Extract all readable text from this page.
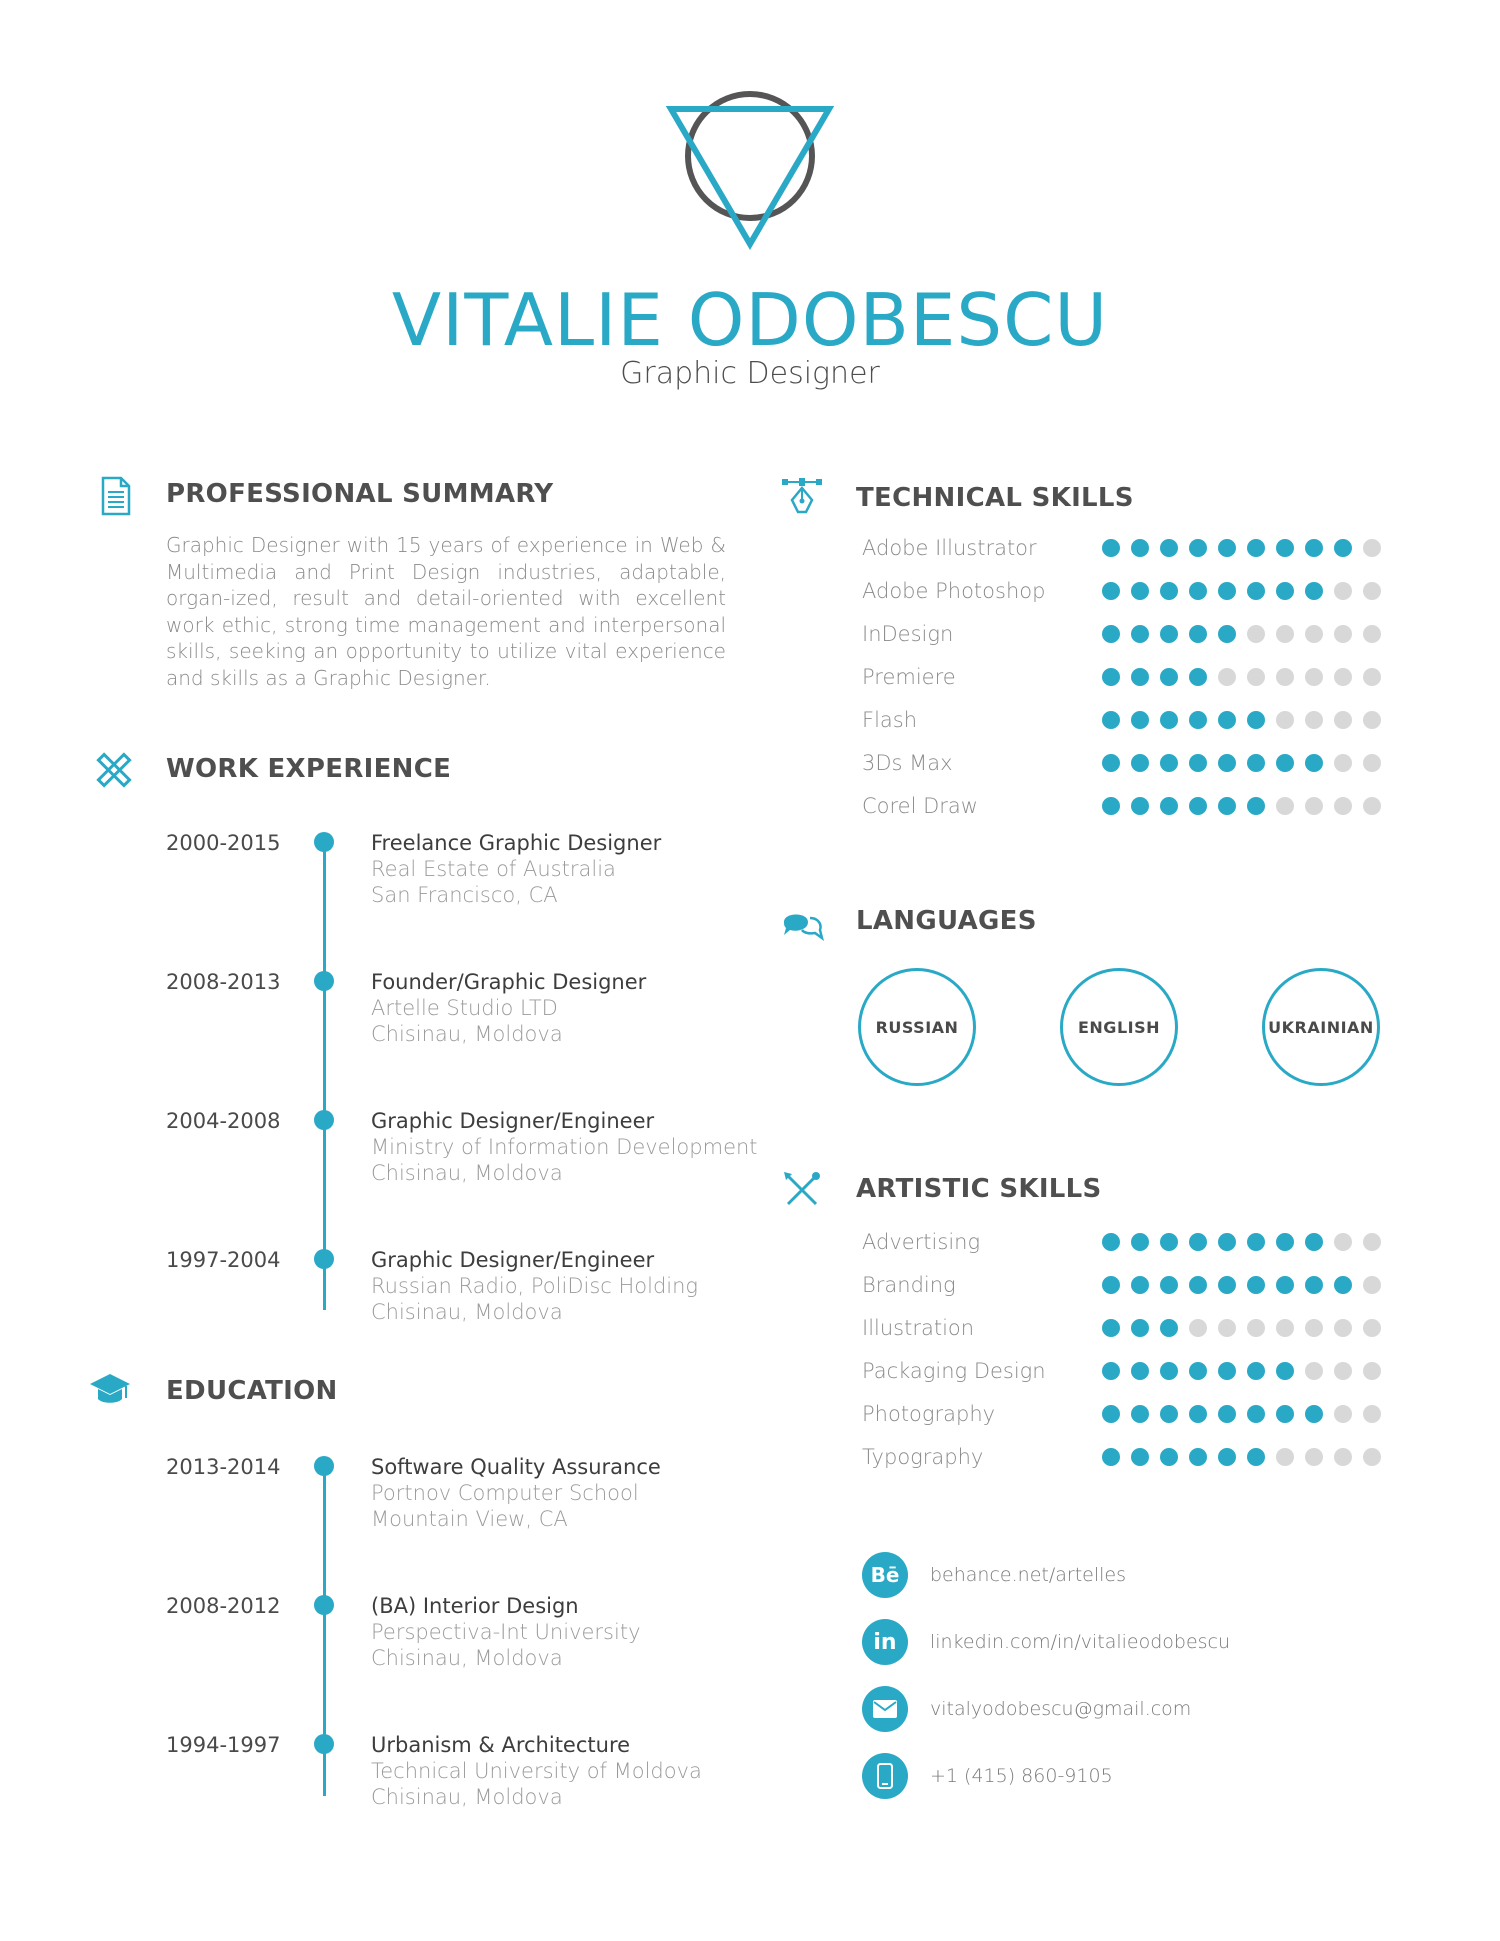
VITALIE ODOBESCU
Graphic Designer
PROFESSIONAL SUMMARY
Graphic Designer with 15 years of experience in Web & Multimedia and Print Design industries, adaptable, organ-ized, result and detail-oriented with excellent work ethic, strong time management and interpersonal skills, seeking an opportunity to utilize vital experience and skills as a Graphic Designer.
WORK EXPERIENCE
2000-2015	Freelance Graphic Designer
Real Estate of Australia
San Francisco, CA
2008-2013	Founder/Graphic Designer
Artelle Studio LTD
Chisinau, Moldova
2004-2008	Graphic Designer/Engineer
Ministry of Information Development
Chisinau, Moldova
1997-2004	Graphic Designer/Engineer
Russian Radio, PoliDisc Holding
Chisinau, Moldova
EDUCATION
2013-2014	Software Quality Assurance
Portnov Computer School
Mountain View, CA
2008-2012	(BA) Interior Design
Perspectiva-Int University
Chisinau, Moldova
1994-1997	Urbanism & Architecture
Technical University of Moldova
Chisinau, Moldova
TECHNICAL SKILLS
Adobe Illustrator
Adobe Photoshop
InDesign
Premiere
Flash
3Ds Max
Corel Draw
LANGUAGES
RUSSIAN	ENGLISH	UKRAINIAN
ARTISTIC SKILLS
Advertising
Branding
Illustration
Packaging Design
Photography
Typography
Bē	behance.net/artelles
in	linkedin.com/in/vitalieodobescu
vitalyodobescu@gmail.com
+1 (415) 860-9105
